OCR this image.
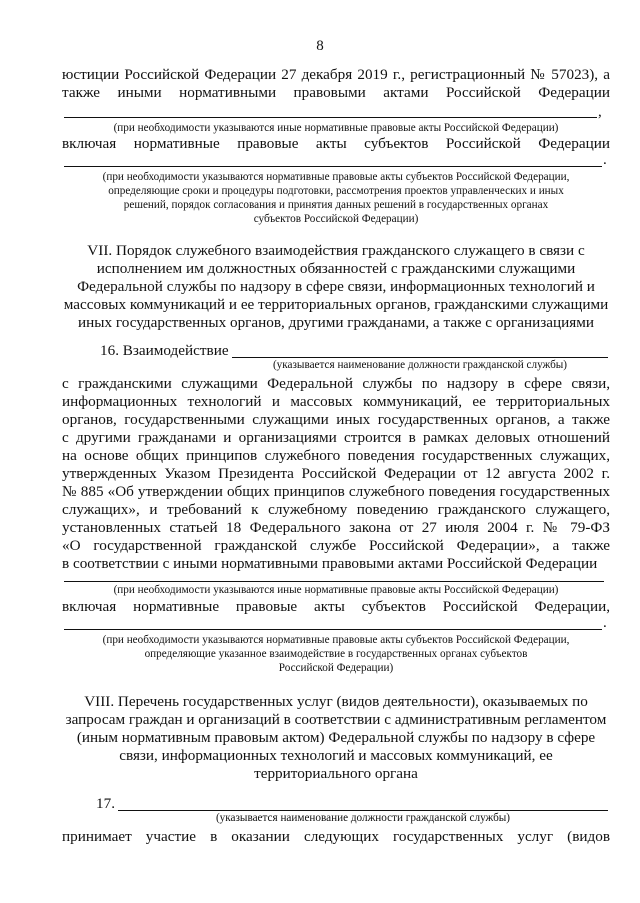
8
юстиции Российской Федерации 27 декабря 2019 г., регистрационный № 57023), а
также иными нормативными правовыми актами Российской Федерации
,
(при необходимости указываются иные нормативные правовые акты Российской Федерации)
включая нормативные правовые акты субъектов Российской Федерации
.
(при необходимости указываются нормативные правовые акты субъектов Российской Федерации,
определяющие сроки и процедуры подготовки, рассмотрения проектов управленческих и иных
решений, порядок согласования и принятия данных решений в государственных органах
субъектов Российской Федерации)
VII. Порядок служебного взаимодействия гражданского служащего в связи с
исполнением им должностных обязанностей с гражданскими служащими
Федеральной службы по надзору в сфере связи, информационных технологий и
массовых коммуникаций и ее территориальных органов, гражданскими служащими
иных государственных органов, другими гражданами, а также с организациями
16. Взаимодействие
(указывается наименование должности гражданской службы)
с гражданскими служащими Федеральной службы по надзору в сфере связи,
информационных технологий и массовых коммуникаций, ее территориальных
органов, государственными служащими иных государственных органов, а также
с другими гражданами и организациями строится в рамках деловых отношений
на основе общих принципов служебного поведения государственных служащих,
утвержденных Указом Президента Российской Федерации от 12 августа 2002 г.
№ 885 «Об утверждении общих принципов служебного поведения государственных
служащих», и требований к служебному поведению гражданского служащего,
установленных статьей 18 Федерального закона от 27 июля 2004 г. № 79-ФЗ
«О государственной гражданской службе Российской Федерации», а также
в соответствии с иными нормативными правовыми актами Российской Федерации
(при необходимости указываются иные нормативные правовые акты Российской Федерации)
включая нормативные правовые акты субъектов Российской Федерации,
.
(при необходимости указываются нормативные правовые акты субъектов Российской Федерации,
определяющие указанное взаимодействие в государственных органах субъектов
Российской Федерации)
VIII. Перечень государственных услуг (видов деятельности), оказываемых по
запросам граждан и организаций в соответствии с административным регламентом
(иным нормативным правовым актом) Федеральной службы по надзору в сфере
связи, информационных технологий и массовых коммуникаций, ее
территориального органа
17.
(указывается наименование должности гражданской службы)
принимает участие в оказании следующих государственных услуг (видов
